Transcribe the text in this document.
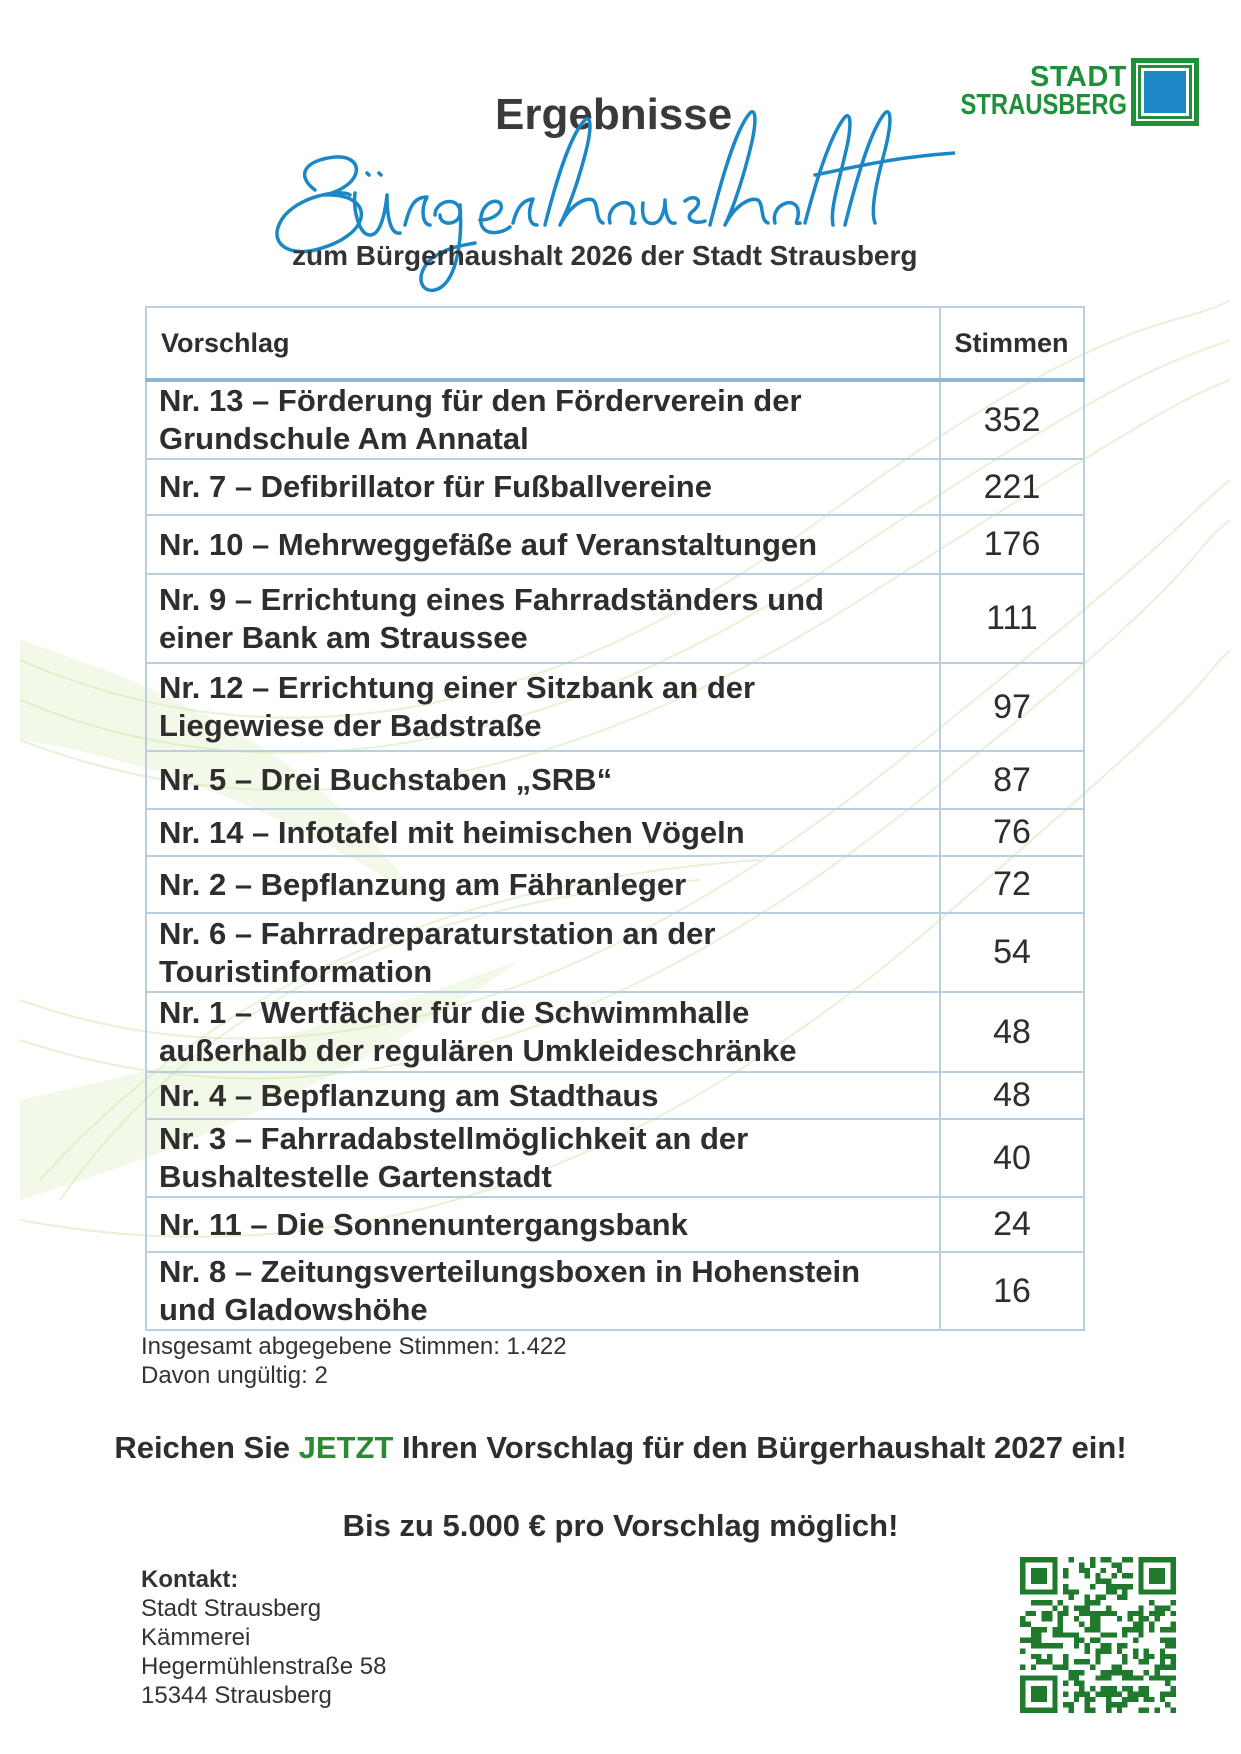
STADT
STRAUSBERG
Ergebnisse
zum Bürgerhaushalt 2026 der Stadt Strausberg
Vorschlag	Stimmen

Nr. 13 – Förderung für den Förderverein der
Grundschule Am Annatal	352

Nr. 7 – Defibrillator für Fußballvereine	221

Nr. 10 – Mehrweggefäße auf Veranstaltungen	176

Nr. 9 – Errichtung eines Fahrradständers und
einer Bank am Straussee	111

Nr. 12 – Errichtung einer Sitzbank an der
Liegewiese der Badstraße	97

Nr. 5 – Drei Buchstaben „SRB“	87

Nr. 14 – Infotafel mit heimischen Vögeln	76

Nr. 2 – Bepflanzung am Fähranleger	72

Nr. 6 – Fahrradreparaturstation an der
Touristinformation	54

Nr. 1 – Wertfächer für die Schwimmhalle
außerhalb der regulären Umkleideschränke	48

Nr. 4 – Bepflanzung am Stadthaus	48

Nr. 3 – Fahrradabstellmöglichkeit an der
Bushaltestelle Gartenstadt	40

Nr. 11 – Die Sonnenuntergangsbank	24

Nr. 8 – Zeitungsverteilungsboxen in Hohenstein
und Gladowshöhe	16
Insgesamt abgegebene Stimmen: 1.422
Davon ungültig: 2
Reichen Sie JETZT Ihren Vorschlag für den Bürgerhaushalt 2027 ein!
Bis zu 5.000 € pro Vorschlag möglich!
Kontakt:
Stadt Strausberg
Kämmerei
Hegermühlenstraße 58
15344 Strausberg
